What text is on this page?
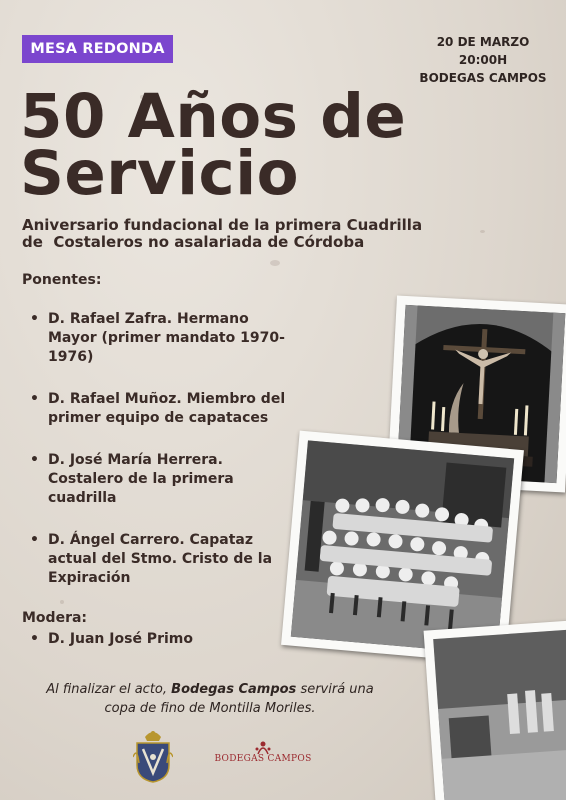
MESA REDONDA	20 DE MARZO
20:00H
BODEGAS CAMPOS
50 Años de
Servicio

Aniversario fundacional de la primera Cuadrilla
de  Costaleros no asalariada de Córdoba

Ponentes:
• D. Rafael Zafra. Hermano Mayor (primer mandato 1970-1976)
• D. Rafael Muñoz. Miembro del primer equipo de capataces
• D. José María Herrera. Costalero de la primera cuadrilla
• D. Ángel Carrero. Capataz actual del Stmo. Cristo de la Expiración
Modera:
• D. Juan José Primo
Al finalizar el acto, Bodegas Campos servirá una copa de fino de Montilla Moriles.
BODEGAS CAMPOS
